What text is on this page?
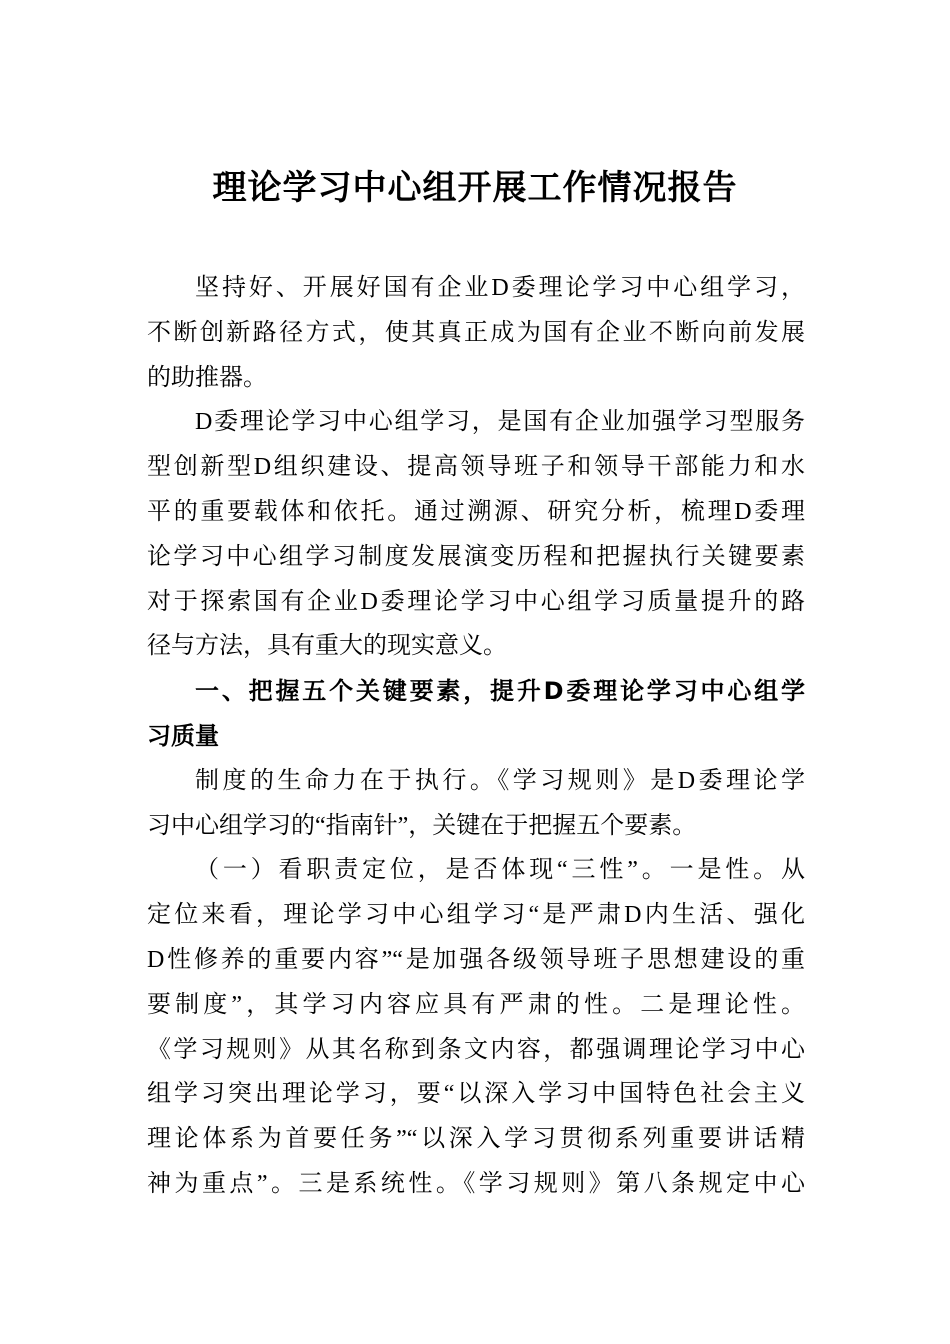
理论学习中心组开展工作情况报告
坚持好、开展好国有企业D委理论学习中心组学习，
不断创新路径方式，使其真正成为国有企业不断向前发展
的助推器。
D委理论学习中心组学习，是国有企业加强学习型服务
型创新型D组织建设、提高领导班子和领导干部能力和水
平的重要载体和依托。通过溯源、研究分析，梳理D委理
论学习中心组学习制度发展演变历程和把握执行关键要素
对于探索国有企业D委理论学习中心组学习质量提升的路
径与方法，具有重大的现实意义。
一、把握五个关键要素，提升D委理论学习中心组学
习质量
制度的生命力在于执行。《学习规则》是D委理论学
习中心组学习的“指南针”，关键在于把握五个要素。
（一）看职责定位，是否体现“三性”。一是性。从
定位来看，理论学习中心组学习“是严肃D内生活、强化
D性修养的重要内容”“是加强各级领导班子思想建设的重
要制度”，其学习内容应具有严肃的性。二是理论性。
《学习规则》从其名称到条文内容，都强调理论学习中心
组学习突出理论学习，要“以深入学习中国特色社会主义
理论体系为首要任务”“以深入学习贯彻系列重要讲话精
神为重点”。三是系统性。《学习规则》第八条规定中心
